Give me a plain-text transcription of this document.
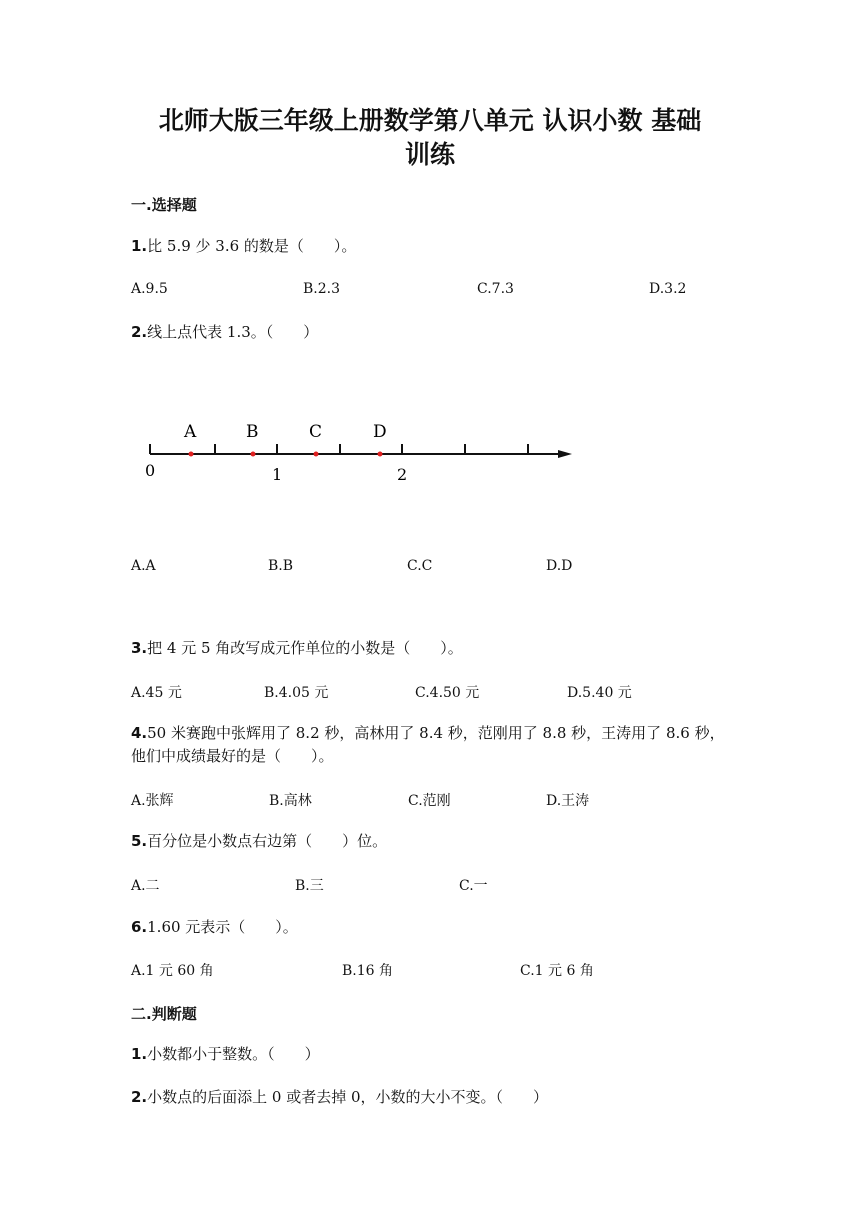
北师大版三年级上册数学第八单元 认识小数 基础
训练
一.选择题
1.比 5.9 少 3.6 的数是（　　）。
A.9.5	B.2.3	C.7.3	D.3.2
2.线上点代表 1.3。（　　）
A	B	C	D
0	1	2
A.A	B.B	C.C	D.D
3.把 4 元 5 角改写成元作单位的小数是（　　）。
A.45 元	B.4.05 元	C.4.50 元	D.5.40 元
4.50 米赛跑中张辉用了 8.2 秒，高林用了 8.4 秒，范刚用了 8.8 秒，王涛用了 8.6 秒，他们中成绩最好的是（　　）。
A.张辉	B.高林	C.范刚	D.王涛
5.百分位是小数点右边第（　　）位。
A.二	B.三	C.一
6.1.60 元表示（　　）。
A.1 元 60 角	B.16 角	C.1 元 6 角
二.判断题
1.小数都小于整数。（　　）
2.小数点的后面添上 0 或者去掉 0，小数的大小不变。（　　）
